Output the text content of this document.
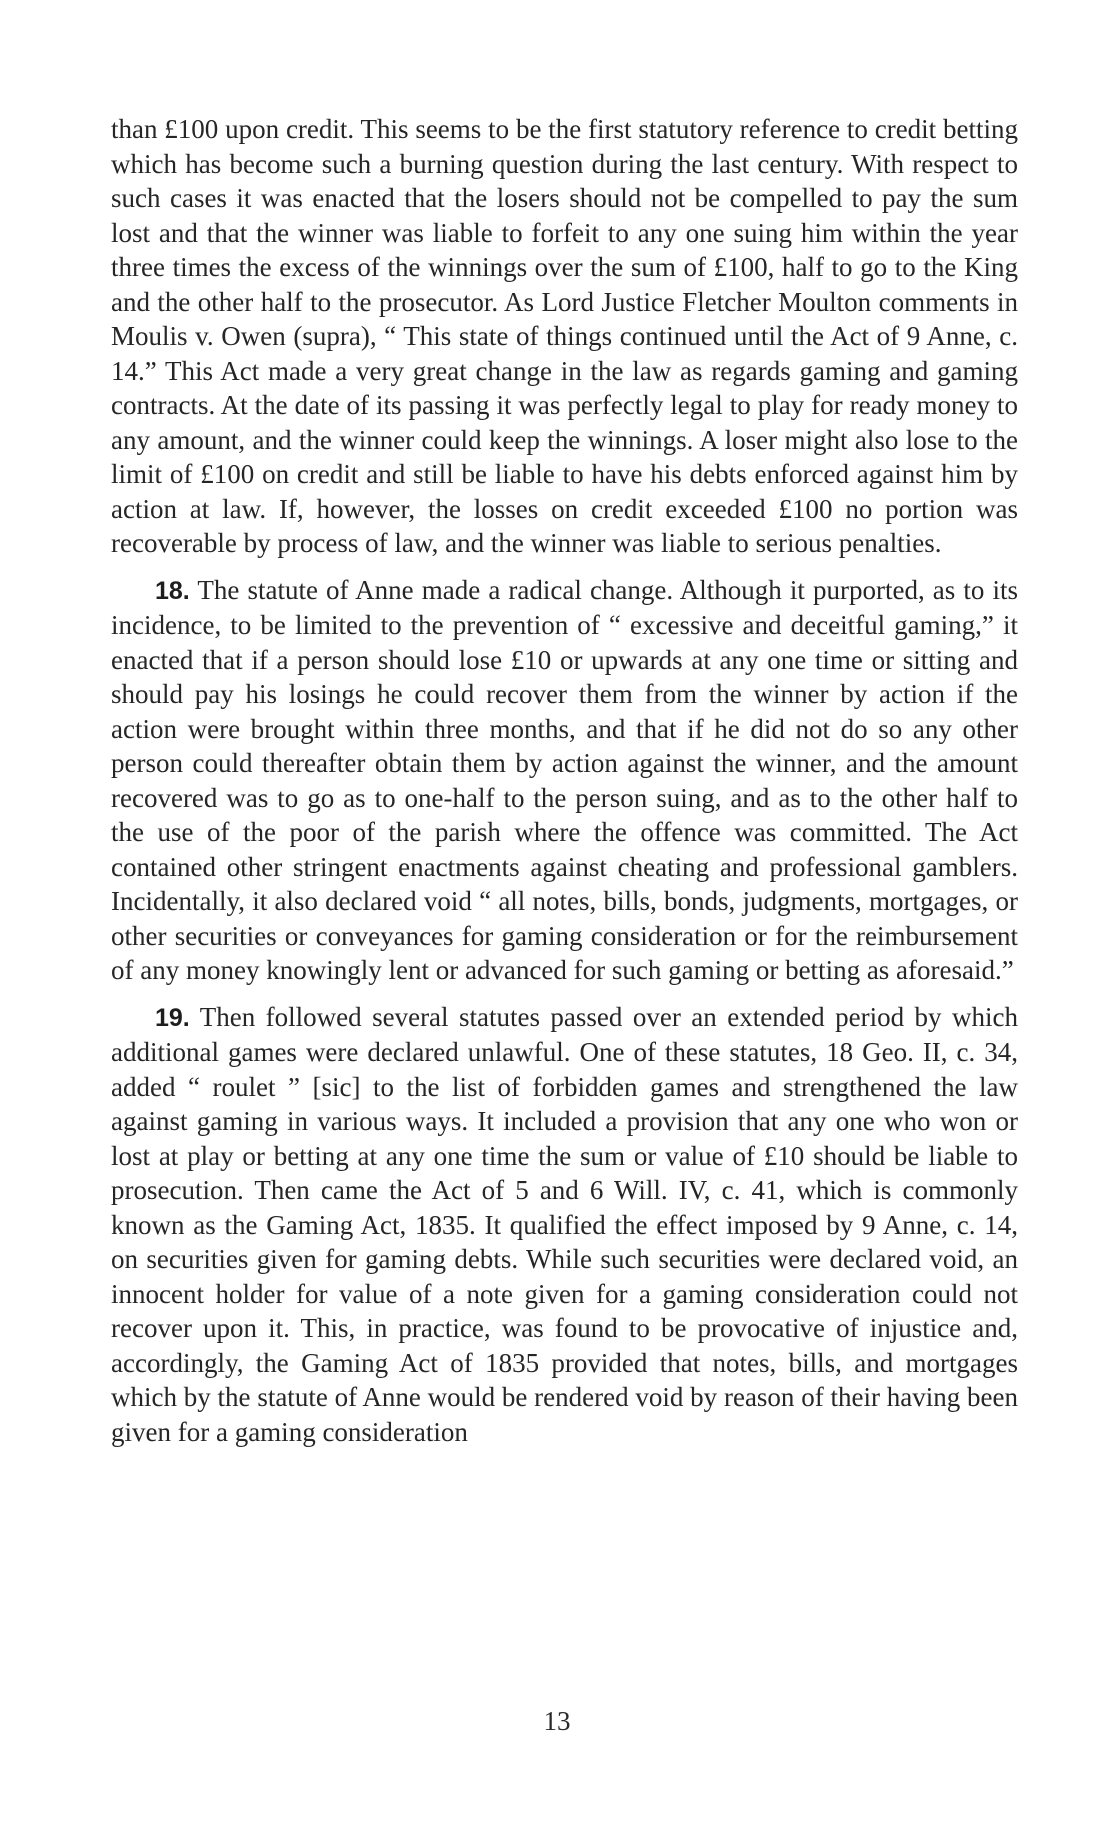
than £100 upon credit. This seems to be the first statutory reference to credit betting which has become such a burning question during the last century. With respect to such cases it was enacted that the losers should not be compelled to pay the sum lost and that the winner was liable to forfeit to any one suing him within the year three times the excess of the winnings over the sum of £100, half to go to the King and the other half to the prosecutor. As Lord Justice Fletcher Moulton comments in Moulis v. Owen (supra), “ This state of things continued until the Act of 9 Anne, c. 14.” This Act made a very great change in the law as regards gaming and gaming contracts. At the date of its passing it was perfectly legal to play for ready money to any amount, and the winner could keep the winnings. A loser might also lose to the limit of £100 on credit and still be liable to have his debts enforced against him by action at law. If, however, the losses on credit exceeded £100 no portion was recoverable by process of law, and the winner was liable to serious penalties.

18. The statute of Anne made a radical change. Although it purported, as to its incidence, to be limited to the prevention of “ excessive and deceitful gaming,” it enacted that if a person should lose £10 or upwards at any one time or sitting and should pay his losings he could recover them from the winner by action if the action were brought within three months, and that if he did not do so any other person could thereafter obtain them by action against the winner, and the amount recovered was to go as to one-half to the person suing, and as to the other half to the use of the poor of the parish where the offence was committed. The Act contained other stringent enactments against cheating and professional gamblers. Incidentally, it also declared void “ all notes, bills, bonds, judgments, mortgages, or other securities or conveyances for gaming consideration or for the reimbursement of any money knowingly lent or advanced for such gaming or betting as aforesaid.”

19. Then followed several statutes passed over an extended period by which additional games were declared unlawful. One of these statutes, 18 Geo. II, c. 34, added “ roulet ” [sic] to the list of forbidden games and strengthened the law against gaming in various ways. It included a provision that any one who won or lost at play or betting at any one time the sum or value of £10 should be liable to prosecution. Then came the Act of 5 and 6 Will. IV, c. 41, which is commonly known as the Gaming Act, 1835. It qualified the effect imposed by 9 Anne, c. 14, on securities given for gaming debts. While such securities were declared void, an innocent holder for value of a note given for a gaming consideration could not recover upon it. This, in practice, was found to be provocative of injustice and, accordingly, the Gaming Act of 1835 provided that notes, bills, and mortgages which by the statute of Anne would be rendered void by reason of their having been given for a gaming consideration

13
